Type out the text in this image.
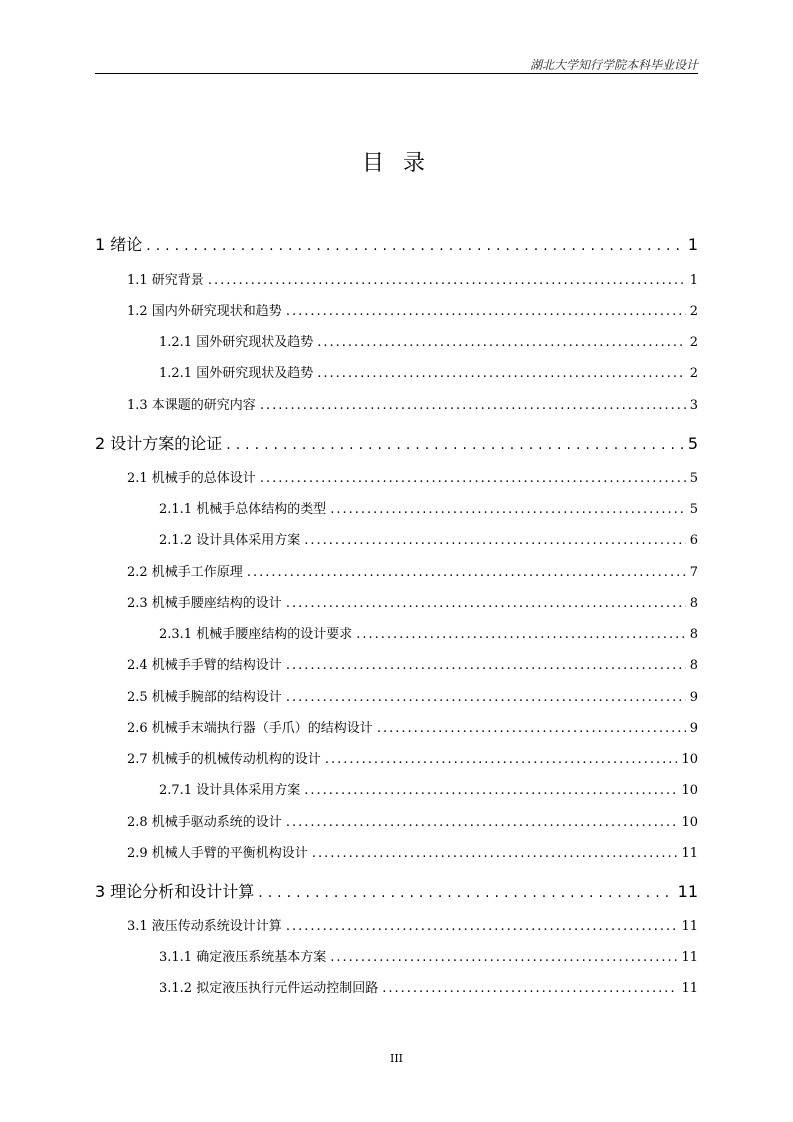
湖北大学知行学院本科毕业设计
目 录
1 绪论 .....	1
1.1 研究背景 .....	1
1.2 国内外研究现状和趋势 .....	2
1.2.1 国外研究现状及趋势 .....	2
1.2.1 国外研究现状及趋势 .....	2
1.3 本课题的研究内容 .....	3
2 设计方案的论证 .....	5
2.1 机械手的总体设计 .....	5
2.1.1 机械手总体结构的类型 .....	5
2.1.2 设计具体采用方案 .....	6
2.2 机械手工作原理 .....	7
2.3 机械手腰座结构的设计 .....	8
2.3.1 机械手腰座结构的设计要求 .....	8
2.4 机械手手臂的结构设计 .....	8
2.5 机械手腕部的结构设计 .....	9
2.6 机械手末端执行器（手爪）的结构设计 .....	9
2.7 机械手的机械传动机构的设计 .....	10
2.7.1 设计具体采用方案 .....	10
2.8 机械手驱动系统的设计 .....	10
2.9 机械人手臂的平衡机构设计 .....	11
3 理论分析和设计计算 .....	11
3.1 液压传动系统设计计算 .....	11
3.1.1 确定液压系统基本方案 .....	11
3.1.2 拟定液压执行元件运动控制回路 .....	11
III
